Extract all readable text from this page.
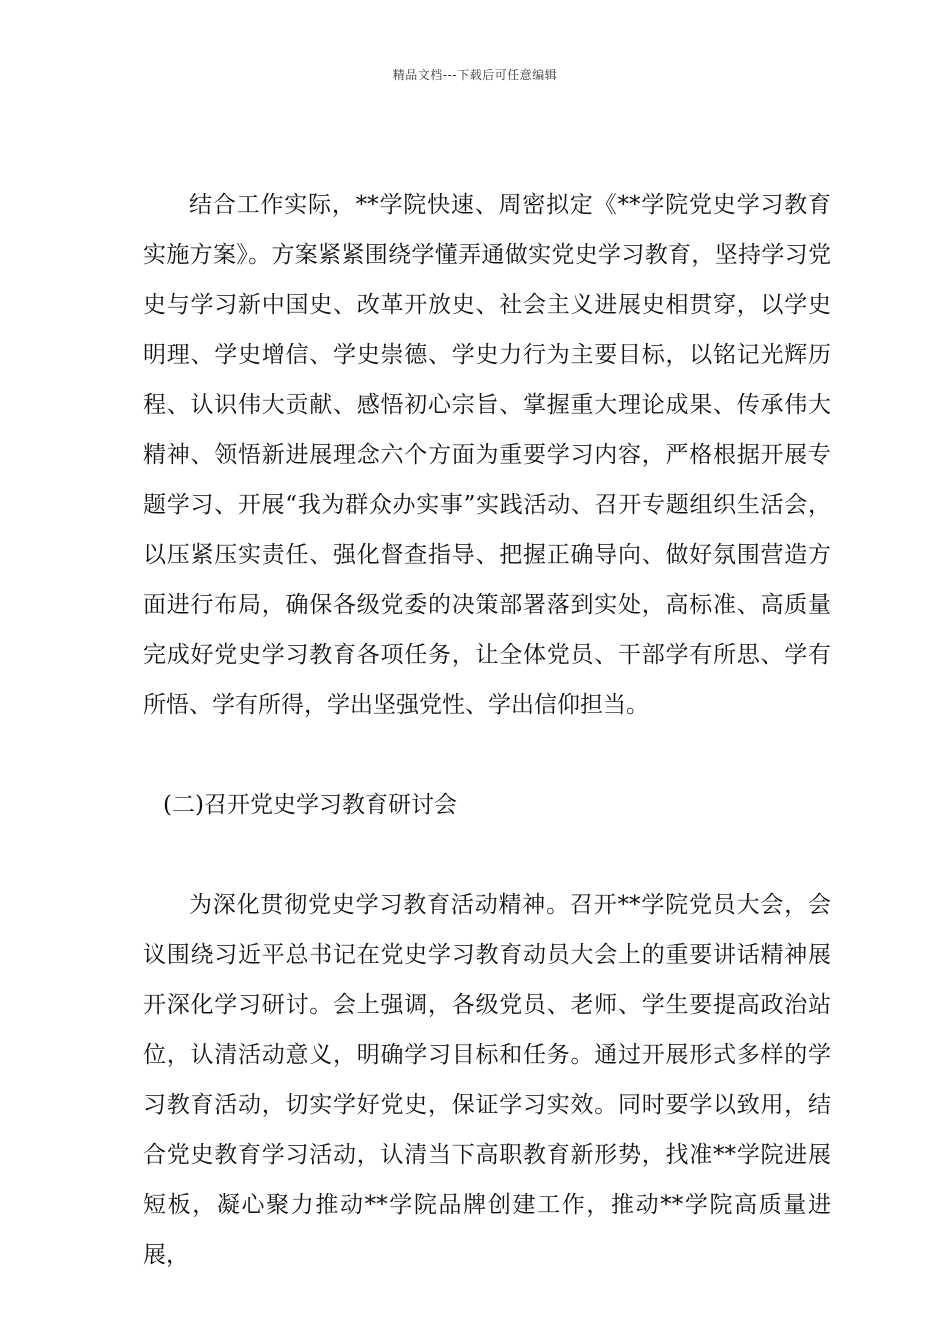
精品文档---下载后可任意编辑

结合工作实际，**学院快速、周密拟定《**学院党史学习教育实施方案》。方案紧紧围绕学懂弄通做实党史学习教育，坚持学习党史与学习新中国史、改革开放史、社会主义进展史相贯穿，以学史明理、学史增信、学史崇德、学史力行为主要目标，以铭记光辉历程、认识伟大贡献、感悟初心宗旨、掌握重大理论成果、传承伟大精神、领悟新进展理念六个方面为重要学习内容，严格根据开展专题学习、开展“我为群众办实事”实践活动、召开专题组织生活会，以压紧压实责任、强化督查指导、把握正确导向、做好氛围营造方面进行布局，确保各级党委的决策部署落到实处，高标准、高质量完成好党史学习教育各项任务，让全体党员、干部学有所思、学有所悟、学有所得，学出坚强党性、学出信仰担当。

(二)召开党史学习教育研讨会

为深化贯彻党史学习教育活动精神。召开**学院党员大会，会议围绕习近平总书记在党史学习教育动员大会上的重要讲话精神展开深化学习研讨。会上强调，各级党员、老师、学生要提高政治站位，认清活动意义，明确学习目标和任务。通过开展形式多样的学习教育活动，切实学好党史，保证学习实效。同时要学以致用，结合党史教育学习活动，认清当下高职教育新形势，找准**学院进展短板，凝心聚力推动**学院品牌创建工作，推动**学院高质量进展，
